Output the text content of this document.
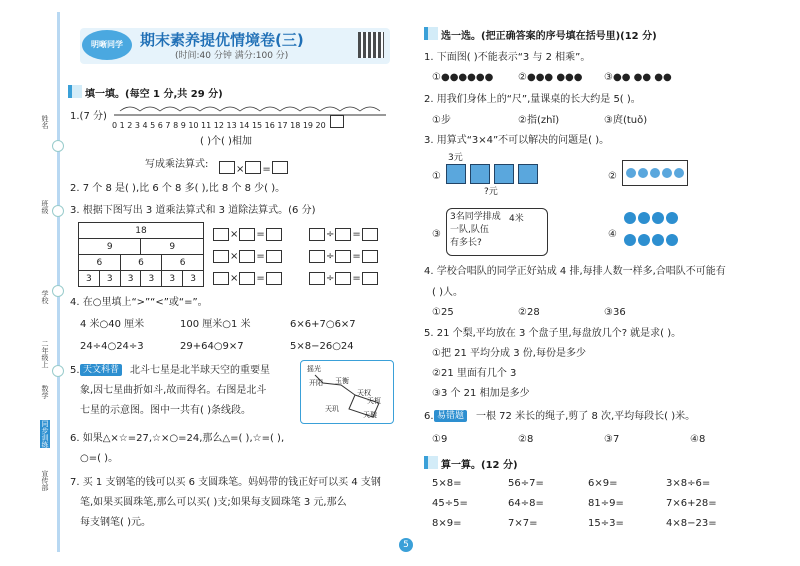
姓名
班级
学校
二年级上
数学
同步训练
宣传部
明晰同学	期末素养提优情境卷(三)
(时间:40 分钟 满分:100 分)
填一填。(每空 1 分,共 29 分)
1.(7 分)
0 1 2 3 4 5 6 7 8 9 10 11 12 13 14 15 16 17 18 19 20
( )个( )相加
写成乘法算式:	× =
2. 7 个 8 是( ),比 6 个 8 多( ),比 8 个 8 少( )。
3. 根据下图写出 3 道乘法算式和 3 道除法算式。(6 分)
18					
9			9		
6		6		6	
3	3	3	3	3	3
× =
× =
× =
÷ =
÷ =
÷ =
4. 在○里填上“>”“<”或“=”。
4 米○40 厘米	100 厘米○1 米	6×6+7○6×7
24÷4○24÷3	29+64○9×7	5×8−26○24
5. 天文科普	北斗七星是北半球天空的重要星
象,因七星曲折如斗,故而得名。右图是北斗
七星的示意图。图中一共有( )条线段。
摇光
开阳 玉衡
天权
天玑
天枢
天璇
6. 如果△×☆=27,☆×○=24,那么△=( ),☆=( ),
○=( )。
7. 买 1 支钢笔的钱可以买 6 支圆珠笔。妈妈带的钱正好可以买 4 支钢
笔,如果买圆珠笔,那么可以买( )支;如果每支圆珠笔 3 元,那么
每支钢笔( )元。
5
选一选。(把正确答案的序号填在括号里)(12 分)
1. 下面图( )不能表示“3 与 2 相乘”。
①●●●●●● ②●●● ●●● ③●● ●● ●●
2. 用我们身体上的“尺”,量课桌的长大约是 5( )。
①步	②指(zhǐ)	③庹(tuǒ)
3. 用算式“3×4”不可以解决的问题是( )。
①
3元
?元
②
③
3名同学排成
一队,队伍
有多长?
4米
④
4. 学校合唱队的同学正好站成 4 排,每排人数一样多,合唱队不可能有
( )人。
①25	②28	③36
5. 21 个梨,平均放在 3 个盘子里,每盘放几个? 就是求( )。
①把 21 平均分成 3 份,每份是多少
②21 里面有几个 3
③3 个 21 相加是多少
6. 易错题	一根 72 米长的绳子,剪了 8 次,平均每段长( )米。
①9	②8	③7	④8
算一算。(12 分)
5×8=	56÷7=	6×9=	3×8÷6=
45÷5=	64÷8=	81÷9=	7×6+28=
8×9=	7×7=	15÷3=	4×8−23=
